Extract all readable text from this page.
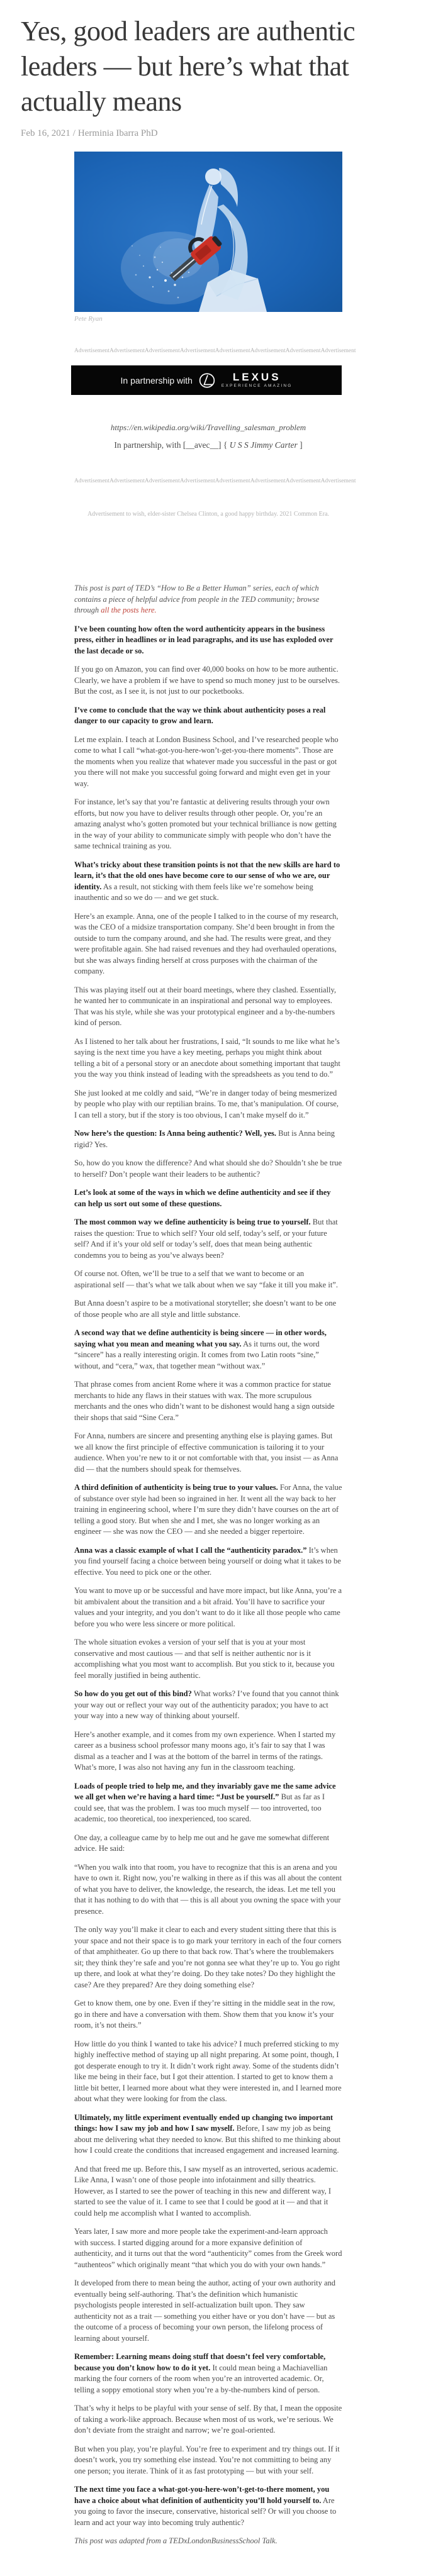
Yes, good leaders are authentic leaders — but here’s what that actually means
Feb 16, 2021 / Herminia Ibarra PhD
Pete Ryan
Advertisement Advertisement Advertisement Advertisement Advertisement Advertisement Advertisement Advertisement
In partnership with	LEXUS
EXPERIENCE AMAZING
https://en.wikipedia.org/wiki/Travelling_salesman_problem
In partnership, with [__avec__] { U S S Jimmy Carter ]
Advertisement Advertisement Advertisement Advertisement Advertisement Advertisement Advertisement Advertisement
Advertisement to wish, elder-sister Chelsea Clinton, a good happy birthday. 2021 Common Era.

This post is part of TED’s “How to Be a Better Human” series, each of which contains a piece of helpful advice from people in the TED community; browse through all the posts here.

I’ve been counting how often the word authenticity appears in the business press, either in headlines or in lead paragraphs, and its use has exploded over the last decade or so.

If you go on Amazon, you can find over 40,000 books on how to be more authentic. Clearly, we have a problem if we have to spend so much money just to be ourselves. But the cost, as I see it, is not just to our pocketbooks.

I’ve come to conclude that the way we think about authenticity poses a real danger to our capacity to grow and learn.

Let me explain. I teach at London Business School, and I’ve researched people who come to what I call “what-got-you-here-won’t-get-you-there moments”. Those are the moments when you realize that whatever made you successful in the past or got you there will not make you successful going forward and might even get in your way.

For instance, let’s say that you’re fantastic at delivering results through your own efforts, but now you have to deliver results through other people. Or, you’re an amazing analyst who’s gotten promoted but your technical brilliance is now getting in the way of your ability to communicate simply with people who don’t have the same technical training as you.

What’s tricky about these transition points is not that the new skills are hard to learn, it’s that the old ones have become core to our sense of who we are, our identity. As a result, not sticking with them feels like we’re somehow being inauthentic and so we do — and we get stuck.

Here’s an example. Anna, one of the people I talked to in the course of my research, was the CEO of a midsize transportation company. She’d been brought in from the outside to turn the company around, and she had. The results were great, and they were profitable again. She had raised revenues and they had overhauled operations, but she was always finding herself at cross purposes with the chairman of the company.

This was playing itself out at their board meetings, where they clashed. Essentially, he wanted her to communicate in an inspirational and personal way to employees. That was his style, while she was your prototypical engineer and a by-the-numbers kind of person.

As I listened to her talk about her frustrations, I said, “It sounds to me like what he’s saying is the next time you have a key meeting, perhaps you might think about telling a bit of a personal story or an anecdote about something important that taught you the way you think instead of leading with the spreadsheets as you tend to do.”

She just looked at me coldly and said, “We’re in danger today of being mesmerized by people who play with our reptilian brains. To me, that’s manipulation. Of course, I can tell a story, but if the story is too obvious, I can’t make myself do it.”

Now here’s the question: Is Anna being authentic? Well, yes. But is Anna being rigid? Yes.

So, how do you know the difference? And what should she do? Shouldn’t she be true to herself? Don’t people want their leaders to be authentic?

Let’s look at some of the ways in which we define authenticity and see if they can help us sort out some of these questions.

The most common way we define authenticity is being true to yourself. But that raises the question: True to which self? Your old self, today’s self, or your future self? And if it’s your old self or today’s self, does that mean being authentic condemns you to being as you’ve always been?

Of course not. Often, we’ll be true to a self that we want to become or an aspirational self — that’s what we talk about when we say “fake it till you make it”.

But Anna doesn’t aspire to be a motivational storyteller; she doesn’t want to be one of those people who are all style and little substance.

A second way that we define authenticity is being sincere — in other words, saying what you mean and meaning what you say. As it turns out, the word “sincere” has a really interesting origin. It comes from two Latin roots “sine,” without, and “cera,” wax, that together mean “without wax.”

That phrase comes from ancient Rome where it was a common practice for statue merchants to hide any flaws in their statues with wax. The more scrupulous merchants and the ones who didn’t want to be dishonest would hang a sign outside their shops that said “Sine Cera.”

For Anna, numbers are sincere and presenting anything else is playing games. But we all know the first principle of effective communication is tailoring it to your audience. When you’re new to it or not comfortable with that, you insist — as Anna did — that the numbers should speak for themselves.

A third definition of authenticity is being true to your values. For Anna, the value of substance over style had been so ingrained in her. It went all the way back to her training in engineering school, where I’m sure they didn’t have courses on the art of telling a good story. But when she and I met, she was no longer working as an engineer — she was now the CEO — and she needed a bigger repertoire.

Anna was a classic example of what I call the “authenticity paradox.” It’s when you find yourself facing a choice between being yourself or doing what it takes to be effective. You need to pick one or the other.

You want to move up or be successful and have more impact, but like Anna, you’re a bit ambivalent about the transition and a bit afraid. You’ll have to sacrifice your values and your integrity, and you don’t want to do it like all those people who came before you who were less sincere or more political.

The whole situation evokes a version of your self that is you at your most conservative and most cautious — and that self is neither authentic nor is it accomplishing what you most want to accomplish. But you stick to it, because you feel morally justified in being authentic.

So how do you get out of this bind? What works? I’ve found that you cannot think your way out or reflect your way out of the authenticity paradox; you have to act your way into a new way of thinking about yourself.

Here’s another example, and it comes from my own experience. When I started my career as a business school professor many moons ago, it’s fair to say that I was dismal as a teacher and I was at the bottom of the barrel in terms of the ratings. What’s more, I was also not having any fun in the classroom teaching.

Loads of people tried to help me, and they invariably gave me the same advice we all get when we’re having a hard time: “Just be yourself.” But as far as I could see, that was the problem. I was too much myself — too introverted, too academic, too theoretical, too inexperienced, too scared.

One day, a colleague came by to help me out and he gave me somewhat different advice. He said:

“When you walk into that room, you have to recognize that this is an arena and you have to own it. Right now, you’re walking in there as if this was all about the content of what you have to deliver, the knowledge, the research, the ideas. Let me tell you that it has nothing to do with that — this is all about you owning the space with your presence.

The only way you’ll make it clear to each and every student sitting there that this is your space and not their space is to go mark your territory in each of the four corners of that amphitheater. Go up there to that back row. That’s where the troublemakers sit; they think they’re safe and you’re not gonna see what they’re up to. You go right up there, and look at what they’re doing. Do they take notes? Do they highlight the case? Are they prepared? Are they doing something else?

Get to know them, one by one. Even if they’re sitting in the middle seat in the row, go in there and have a conversation with them. Show them that you know it’s your room, it’s not theirs.”

How little do you think I wanted to take his advice? I much preferred sticking to my highly ineffective method of staying up all night preparing. At some point, though, I got desperate enough to try it. It didn’t work right away. Some of the students didn’t like me being in their face, but I got their attention. I started to get to know them a little bit better, I learned more about what they were interested in, and I learned more about what they were looking for from the class.

Ultimately, my little experiment eventually ended up changing two important things: how I saw my job and how I saw myself. Before, I saw my job as being about me delivering what they needed to know. But this shifted to me thinking about how I could create the conditions that increased engagement and increased learning.

And that freed me up. Before this, I saw myself as an introverted, serious academic. Like Anna, I wasn’t one of those people into infotainment and silly theatrics. However, as I started to see the power of teaching in this new and different way, I started to see the value of it. I came to see that I could be good at it — and that it could help me accomplish what I wanted to accomplish.

Years later, I saw more and more people take the experiment-and-learn approach with success. I started digging around for a more expansive definition of authenticity, and it turns out that the word “authenticity” comes from the Greek word “authenteos” which originally meant “that which you do with your own hands.”

It developed from there to mean being the author, acting of your own authority and eventually being self-authoring. That’s the definition which humanistic psychologists people interested in self-actualization built upon. They saw authenticity not as a trait — something you either have or you don’t have — but as the outcome of a process of becoming your own person, the lifelong process of learning about yourself.

Remember: Learning means doing stuff that doesn’t feel very comfortable, because you don’t know how to do it yet. It could mean being a Machiavellian marking the four corners of the room when you’re an introverted academic. Or, telling a soppy emotional story when you’re a by-the-numbers kind of person.

That’s why it helps to be playful with your sense of self. By that, I mean the opposite of taking a work-like approach. Because when most of us work, we’re serious. We don’t deviate from the straight and narrow; we’re goal-oriented.

But when you play, you’re playful. You’re free to experiment and try things out. If it doesn’t work, you try something else instead. You’re not committing to being any one person; you iterate. Think of it as fast prototyping — but with your self.

The next time you face a what-got-you-here-won’t-get-to-there moment, you have a choice about what definition of authenticity you’ll hold yourself to. Are you going to favor the insecure, conservative, historical self? Or will you choose to learn and act your way into becoming truly authentic?

This post was adapted from a TEDxLondonBusinessSchool Talk.
